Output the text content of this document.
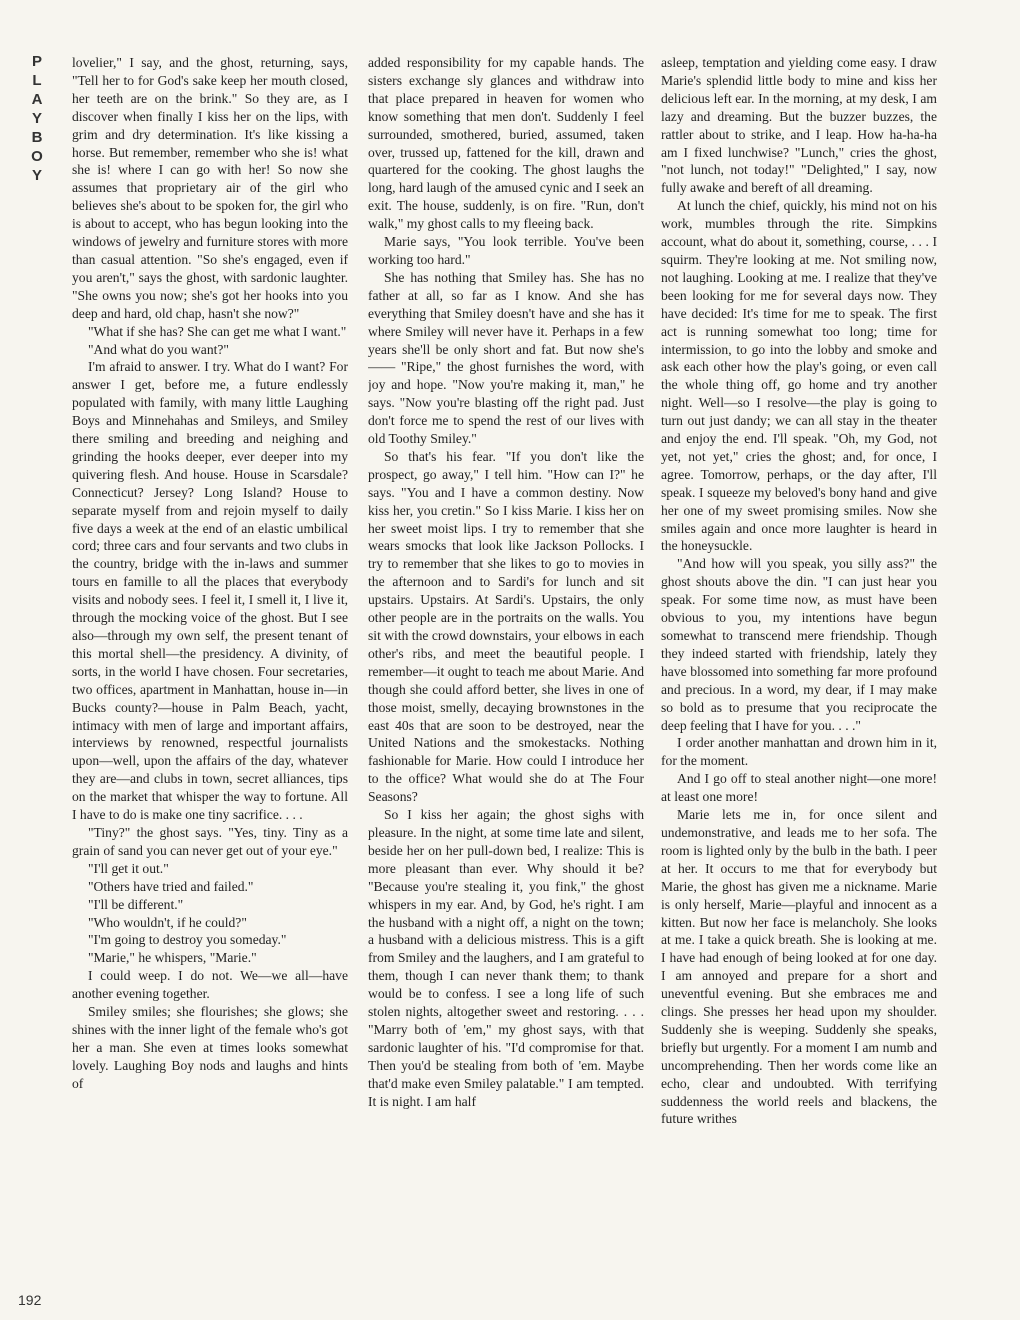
P
L
A
Y
B
O
Y

lovelier," I say, and the ghost, returning, says, "Tell her to for God's sake keep her mouth closed, her teeth are on the brink." So they are, as I discover when finally I kiss her on the lips, with grim and dry determination. It's like kissing a horse. But remember, remember who she is! what she is! where I can go with her! So now she assumes that proprietary air of the girl who believes she's about to be spoken for, the girl who is about to accept, who has begun looking into the windows of jewelry and furniture stores with more than casual attention. "So she's engaged, even if you aren't," says the ghost, with sardonic laughter. "She owns you now; she's got her hooks into you deep and hard, old chap, hasn't she now?"

"What if she has? She can get me what I want."

"And what do you want?"

I'm afraid to answer. I try. What do I want? For answer I get, before me, a future endlessly populated with family, with many little Laughing Boys and Minnehahas and Smileys, and Smiley there smiling and breeding and neighing and grinding the hooks deeper, ever deeper into my quivering flesh. And house. House in Scarsdale? Connecticut? Jersey? Long Island? House to separate myself from and rejoin myself to daily five days a week at the end of an elastic umbilical cord; three cars and four servants and two clubs in the country, bridge with the in-laws and summer tours en famille to all the places that everybody visits and nobody sees. I feel it, I smell it, I live it, through the mocking voice of the ghost. But I see also—through my own self, the present tenant of this mortal shell—the presidency. A divinity, of sorts, in the world I have chosen. Four secretaries, two offices, apartment in Manhattan, house in—in Bucks county?—house in Palm Beach, yacht, intimacy with men of large and important affairs, interviews by renowned, respectful journalists upon—well, upon the affairs of the day, whatever they are—and clubs in town, secret alliances, tips on the market that whisper the way to fortune. All I have to do is make one tiny sacrifice. . . .

"Tiny?" the ghost says. "Yes, tiny. Tiny as a grain of sand you can never get out of your eye."

"I'll get it out."

"Others have tried and failed."

"I'll be different."

"Who wouldn't, if he could?"

"I'm going to destroy you someday."

"Marie," he whispers, "Marie."

I could weep. I do not. We—we all—have another evening together.

Smiley smiles; she flourishes; she glows; she shines with the inner light of the female who's got her a man. She even at times looks somewhat lovely. Laughing Boy nods and laughs and hints of

added responsibility for my capable hands. The sisters exchange sly glances and withdraw into that place prepared in heaven for women who know something that men don't. Suddenly I feel surrounded, smothered, buried, assumed, taken over, trussed up, fattened for the kill, drawn and quartered for the cooking. The ghost laughs the long, hard laugh of the amused cynic and I seek an exit. The house, suddenly, is on fire. "Run, don't walk," my ghost calls to my fleeing back.

Marie says, "You look terrible. You've been working too hard."

She has nothing that Smiley has. She has no father at all, so far as I know. And she has everything that Smiley doesn't have and she has it where Smiley will never have it. Perhaps in a few years she'll be only short and fat. But now she's—— "Ripe," the ghost furnishes the word, with joy and hope. "Now you're making it, man," he says. "Now you're blasting off the right pad. Just don't force me to spend the rest of our lives with old Toothy Smiley."

So that's his fear. "If you don't like the prospect, go away," I tell him. "How can I?" he says. "You and I have a common destiny. Now kiss her, you cretin." So I kiss Marie. I kiss her on her sweet moist lips. I try to remember that she wears smocks that look like Jackson Pollocks. I try to remember that she likes to go to movies in the afternoon and to Sardi's for lunch and sit upstairs. Upstairs. At Sardi's. Upstairs, the only other people are in the portraits on the walls. You sit with the crowd downstairs, your elbows in each other's ribs, and meet the beautiful people. I remember—it ought to teach me about Marie. And though she could afford better, she lives in one of those moist, smelly, decaying brownstones in the east 40s that are soon to be destroyed, near the United Nations and the smokestacks. Nothing fashionable for Marie. How could I introduce her to the office? What would she do at The Four Seasons?

So I kiss her again; the ghost sighs with pleasure. In the night, at some time late and silent, beside her on her pull-down bed, I realize: This is more pleasant than ever. Why should it be? "Because you're stealing it, you fink," the ghost whispers in my ear. And, by God, he's right. I am the husband with a night off, a night on the town; a husband with a delicious mistress. This is a gift from Smiley and the laughers, and I am grateful to them, though I can never thank them; to thank would be to confess. I see a long life of such stolen nights, altogether sweet and restoring. . . . "Marry both of 'em," my ghost says, with that sardonic laughter of his. "I'd compromise for that. Then you'd be stealing from both of 'em. Maybe that'd make even Smiley palatable." I am tempted. It is night. I am half

asleep, temptation and yielding come easy. I draw Marie's splendid little body to mine and kiss her delicious left ear. In the morning, at my desk, I am lazy and dreaming. But the buzzer buzzes, the rattler about to strike, and I leap. How ha-ha-ha am I fixed lunchwise? "Lunch," cries the ghost, "not lunch, not today!" "Delighted," I say, now fully awake and bereft of all dreaming.

At lunch the chief, quickly, his mind not on his work, mumbles through the rite. Simpkins account, what do about it, something, course, . . . I squirm. They're looking at me. Not smiling now, not laughing. Looking at me. I realize that they've been looking for me for several days now. They have decided: It's time for me to speak. The first act is running somewhat too long; time for intermission, to go into the lobby and smoke and ask each other how the play's going, or even call the whole thing off, go home and try another night. Well—so I resolve—the play is going to turn out just dandy; we can all stay in the theater and enjoy the end. I'll speak. "Oh, my God, not yet, not yet," cries the ghost; and, for once, I agree. Tomorrow, perhaps, or the day after, I'll speak. I squeeze my beloved's bony hand and give her one of my sweet promising smiles. Now she smiles again and once more laughter is heard in the honeysuckle.

"And how will you speak, you silly ass?" the ghost shouts above the din. "I can just hear you speak. For some time now, as must have been obvious to you, my intentions have begun somewhat to transcend mere friendship. Though they indeed started with friendship, lately they have blossomed into something far more profound and precious. In a word, my dear, if I may make so bold as to presume that you reciprocate the deep feeling that I have for you. . . ."

I order another manhattan and drown him in it, for the moment.

And I go off to steal another night—one more! at least one more!

Marie lets me in, for once silent and undemonstrative, and leads me to her sofa. The room is lighted only by the bulb in the bath. I peer at her. It occurs to me that for everybody but Marie, the ghost has given me a nickname. Marie is only herself, Marie—playful and innocent as a kitten. But now her face is melancholy. She looks at me. I take a quick breath. She is looking at me. I have had enough of being looked at for one day. I am annoyed and prepare for a short and uneventful evening. But she embraces me and clings. She presses her head upon my shoulder. Suddenly she is weeping. Suddenly she speaks, briefly but urgently. For a moment I am numb and uncomprehending. Then her words come like an echo, clear and undoubted. With terrifying suddenness the world reels and blackens, the future writhes

192
